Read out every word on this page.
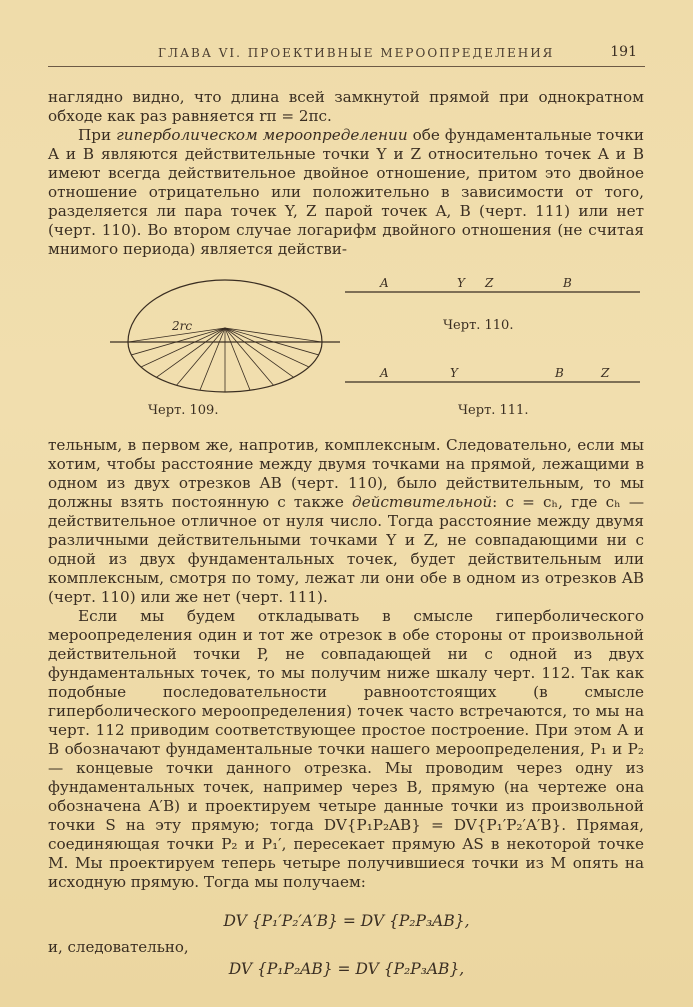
ГЛАВА VI. ПРОЕКТИВНЫЕ МЕРООПРЕДЕЛЕНИЯ	191

наглядно видно, что длина всей замкнутой прямой при однократном обходе как раз равняется rπ = 2πc.

При гиперболическом мероопределении обе фундаментальные точки A и B являются действительные точки Y и Z относительно точек A и B имеют всегда действительное двойное отношение, притом это двойное отношение отрицательно или положительно в зависимости от того, разделяется ли пара точек Y, Z парой точек A, B (черт. 111) или нет (черт. 110). Во втором случае логарифм двойного отношения (не считая мнимого периода) является действи-

2rc
Черт. 109.
A	Y Z	B
Черт. 110.
A	Y	B	Z
Черт. 111.

тельным, в первом же, напротив, комплексным. Следовательно, если мы хотим, чтобы расстояние между двумя точками на прямой, лежащими в одном из двух отрезков AB (черт. 110), было действительным, то мы должны взять постоянную c также действительной: c = cₕ, где cₕ — действительное отличное от нуля число. Тогда расстояние между двумя различными действительными точками Y и Z, не совпадающими ни с одной из двух фундаментальных точек, будет действительным или комплексным, смотря по тому, лежат ли они обе в одном из отрезков AB (черт. 110) или же нет (черт. 111).

Если мы будем откладывать в смысле гиперболического мероопределения один и тот же отрезок в обе стороны от произвольной действительной точки P, не совпадающей ни с одной из двух фундаментальных точек, то мы получим ниже шкалу черт. 112. Так как подобные последовательности равноотстоящих (в смысле гиперболического мероопределения) точек часто встречаются, то мы на черт. 112 приводим соответствующее простое построение. При этом A и B обозначают фундаментальные точки нашего мероопределения, P₁ и P₂ — концевые точки данного отрезка. Мы проводим через одну из фундаментальных точек, например через B, прямую (на чертеже она обозначена A′B) и проектируем четыре данные точки из произвольной точки S на эту прямую; тогда DV{P₁P₂AB} = DV{P₁′P₂′A′B}. Прямая, соединяющая точки P₂ и P₁′, пересекает прямую AS в некоторой точке M. Мы проектируем теперь четыре получившиеся точки из M опять на исходную прямую. Тогда мы получаем:

DV {P₁′P₂′A′B} = DV {P₂P₃AB},
и, следовательно,
DV {P₁P₂AB} = DV {P₂P₃AB},
